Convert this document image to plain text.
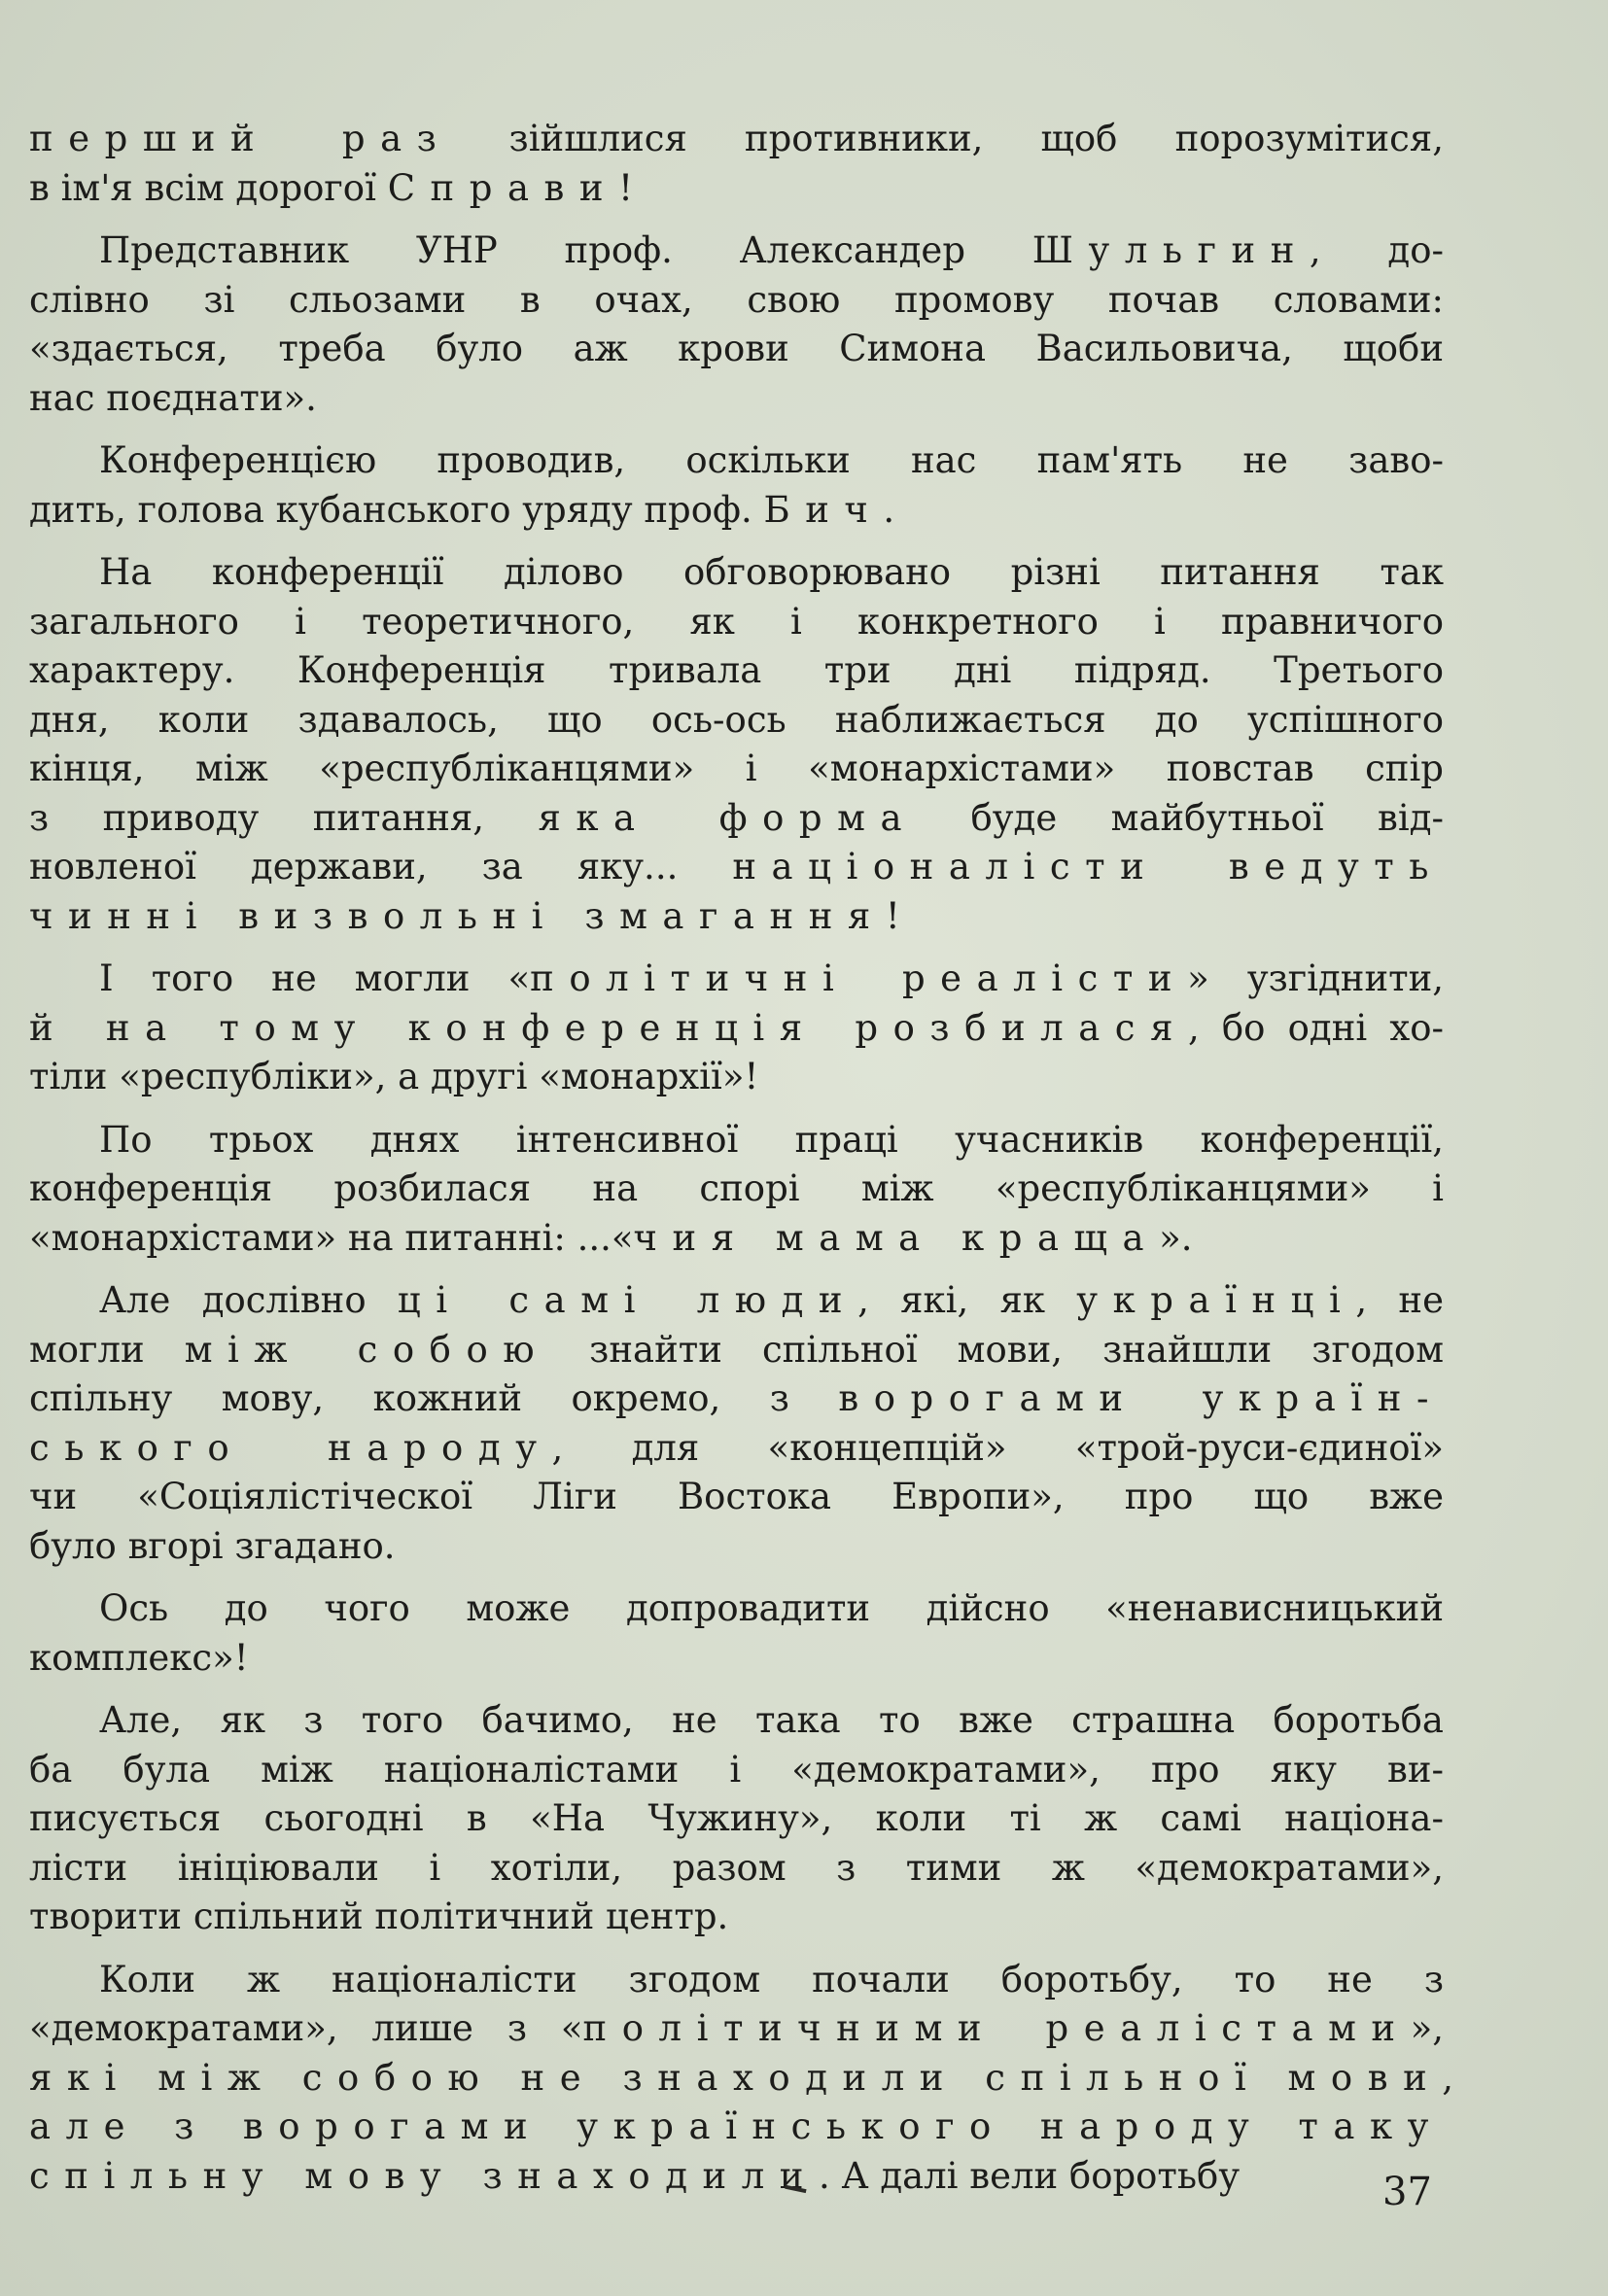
перший раз зійшлися противники, щоб порозумітися,
в ім'я всім дорогої Справи!
Представник УНР проф. Александер Шульгин, до-
слівно зі сльозами в очах, свою промову почав словами:
«здається, треба було аж крови Симона Васильовича, щоби
нас поєднати».
Конференцією проводив, оскільки нас пам'ять не заво-
дить, голова кубанського уряду проф. Бич.
На конференції ділово обговорювано різні питання так
загального і теоретичного, як і конкретного і правничого
характеру. Конференція тривала три дні підряд. Третього
дня, коли здавалось, що ось-ось наближається до успішного
кінця, між «республіканцями» і «монархістами» повстав спір
з приводу питання, яка форма буде майбутньої від-
новленої держави, за яку... націоналісти ведуть
чинні визвольні змагання!
І того не могли «політичні реалісти» узгіднити,
й на тому конференція розбилася, бо одні хо-
тіли «республіки», а другі «монархії»!
По трьох днях інтенсивної праці учасників конференції,
конференція розбилася на спорі між «республіканцями» і
«монархістами» на питанні: ...«чия мама краща».
Але дослівно ці самі люди, які, як українці, не
могли між собою знайти спільної мови, знайшли згодом
спільну мову, кожний окремо, з ворогами україн-
ського народу, для «концепцій» «трой-руси-єдиної»
чи «Соціялістіческої Ліги Востока Европи», про що вже
було вгорі згадано.
Ось до чого може допровадити дійсно «ненависницький
комплекс»!
Але, як з того бачимо, не така то вже страшна боротьба
ба була між націоналістами і «демократами», про яку ви-
писується сьогодні в «На Чужину», коли ті ж самі націона-
лісти ініціювали і хотіли, разом з тими ж «демократами»,
творити спільний політичний центр.
Коли ж націоналісти згодом почали боротьбу, то не з
«демократами», лише з «політичними реалістами»,
які між собою не знаходили спільної мови,
але з ворогами українського народу таку
спільну мову знаходили. А далі вели боротьбу	37
